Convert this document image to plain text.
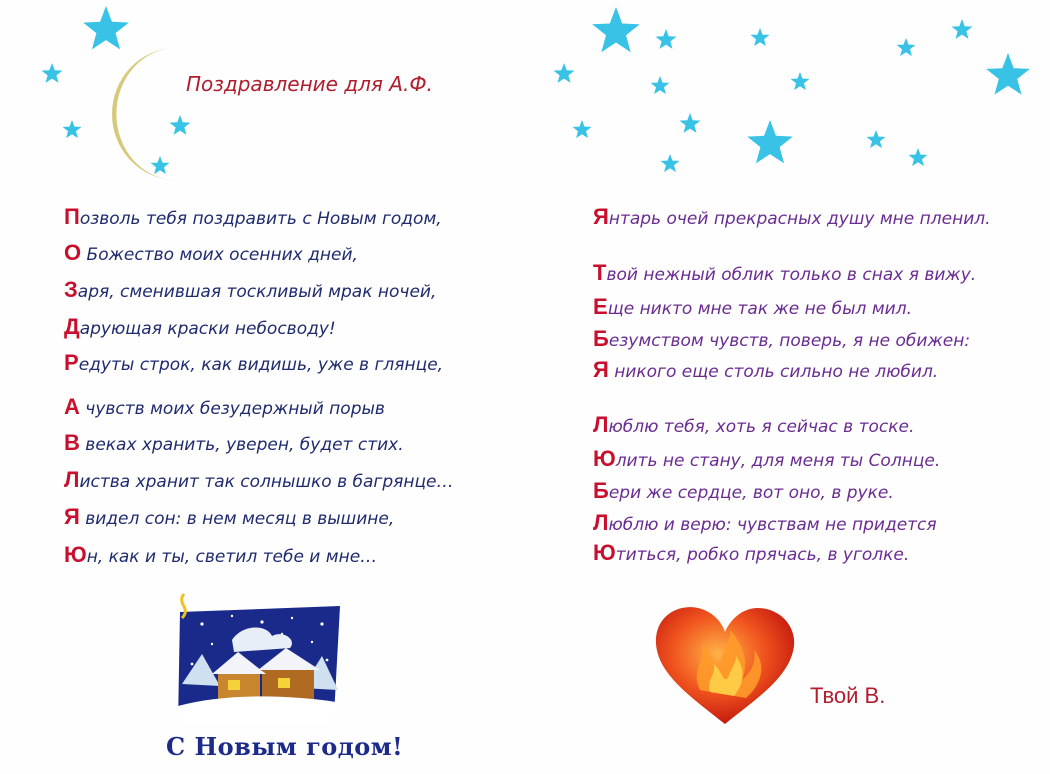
Поздравление для А.Ф.
Позволь тебя поздравить с Новым годом,
О Божество моих осенних дней,
Заря, сменившая тоскливый мрак ночей,
Дарующая краски небосводу!
Редуты строк, как видишь, уже в глянце,
А чувств моих безудержный порыв
В веках хранить, уверен, будет стих.
Листва хранит так солнышко в багрянце…
Я видел сон: в нем месяц в вышине,
Юн, как и ты, светил тебе и мне…
Янтарь очей прекрасных душу мне пленил.
Твой нежный облик только в снах я вижу.
Еще никто мне так же не был мил.
Безумством чувств, поверь, я не обижен:
Я никого еще столь сильно не любил.
Люблю тебя, хоть я сейчас в тоске.
Юлить не стану, для меня ты Солнце.
Бери же сердце, вот оно, в руке.
Люблю и верю: чувствам не придется
Ютиться, робко прячась, в уголке.
С Новым годом!
Твой В.
